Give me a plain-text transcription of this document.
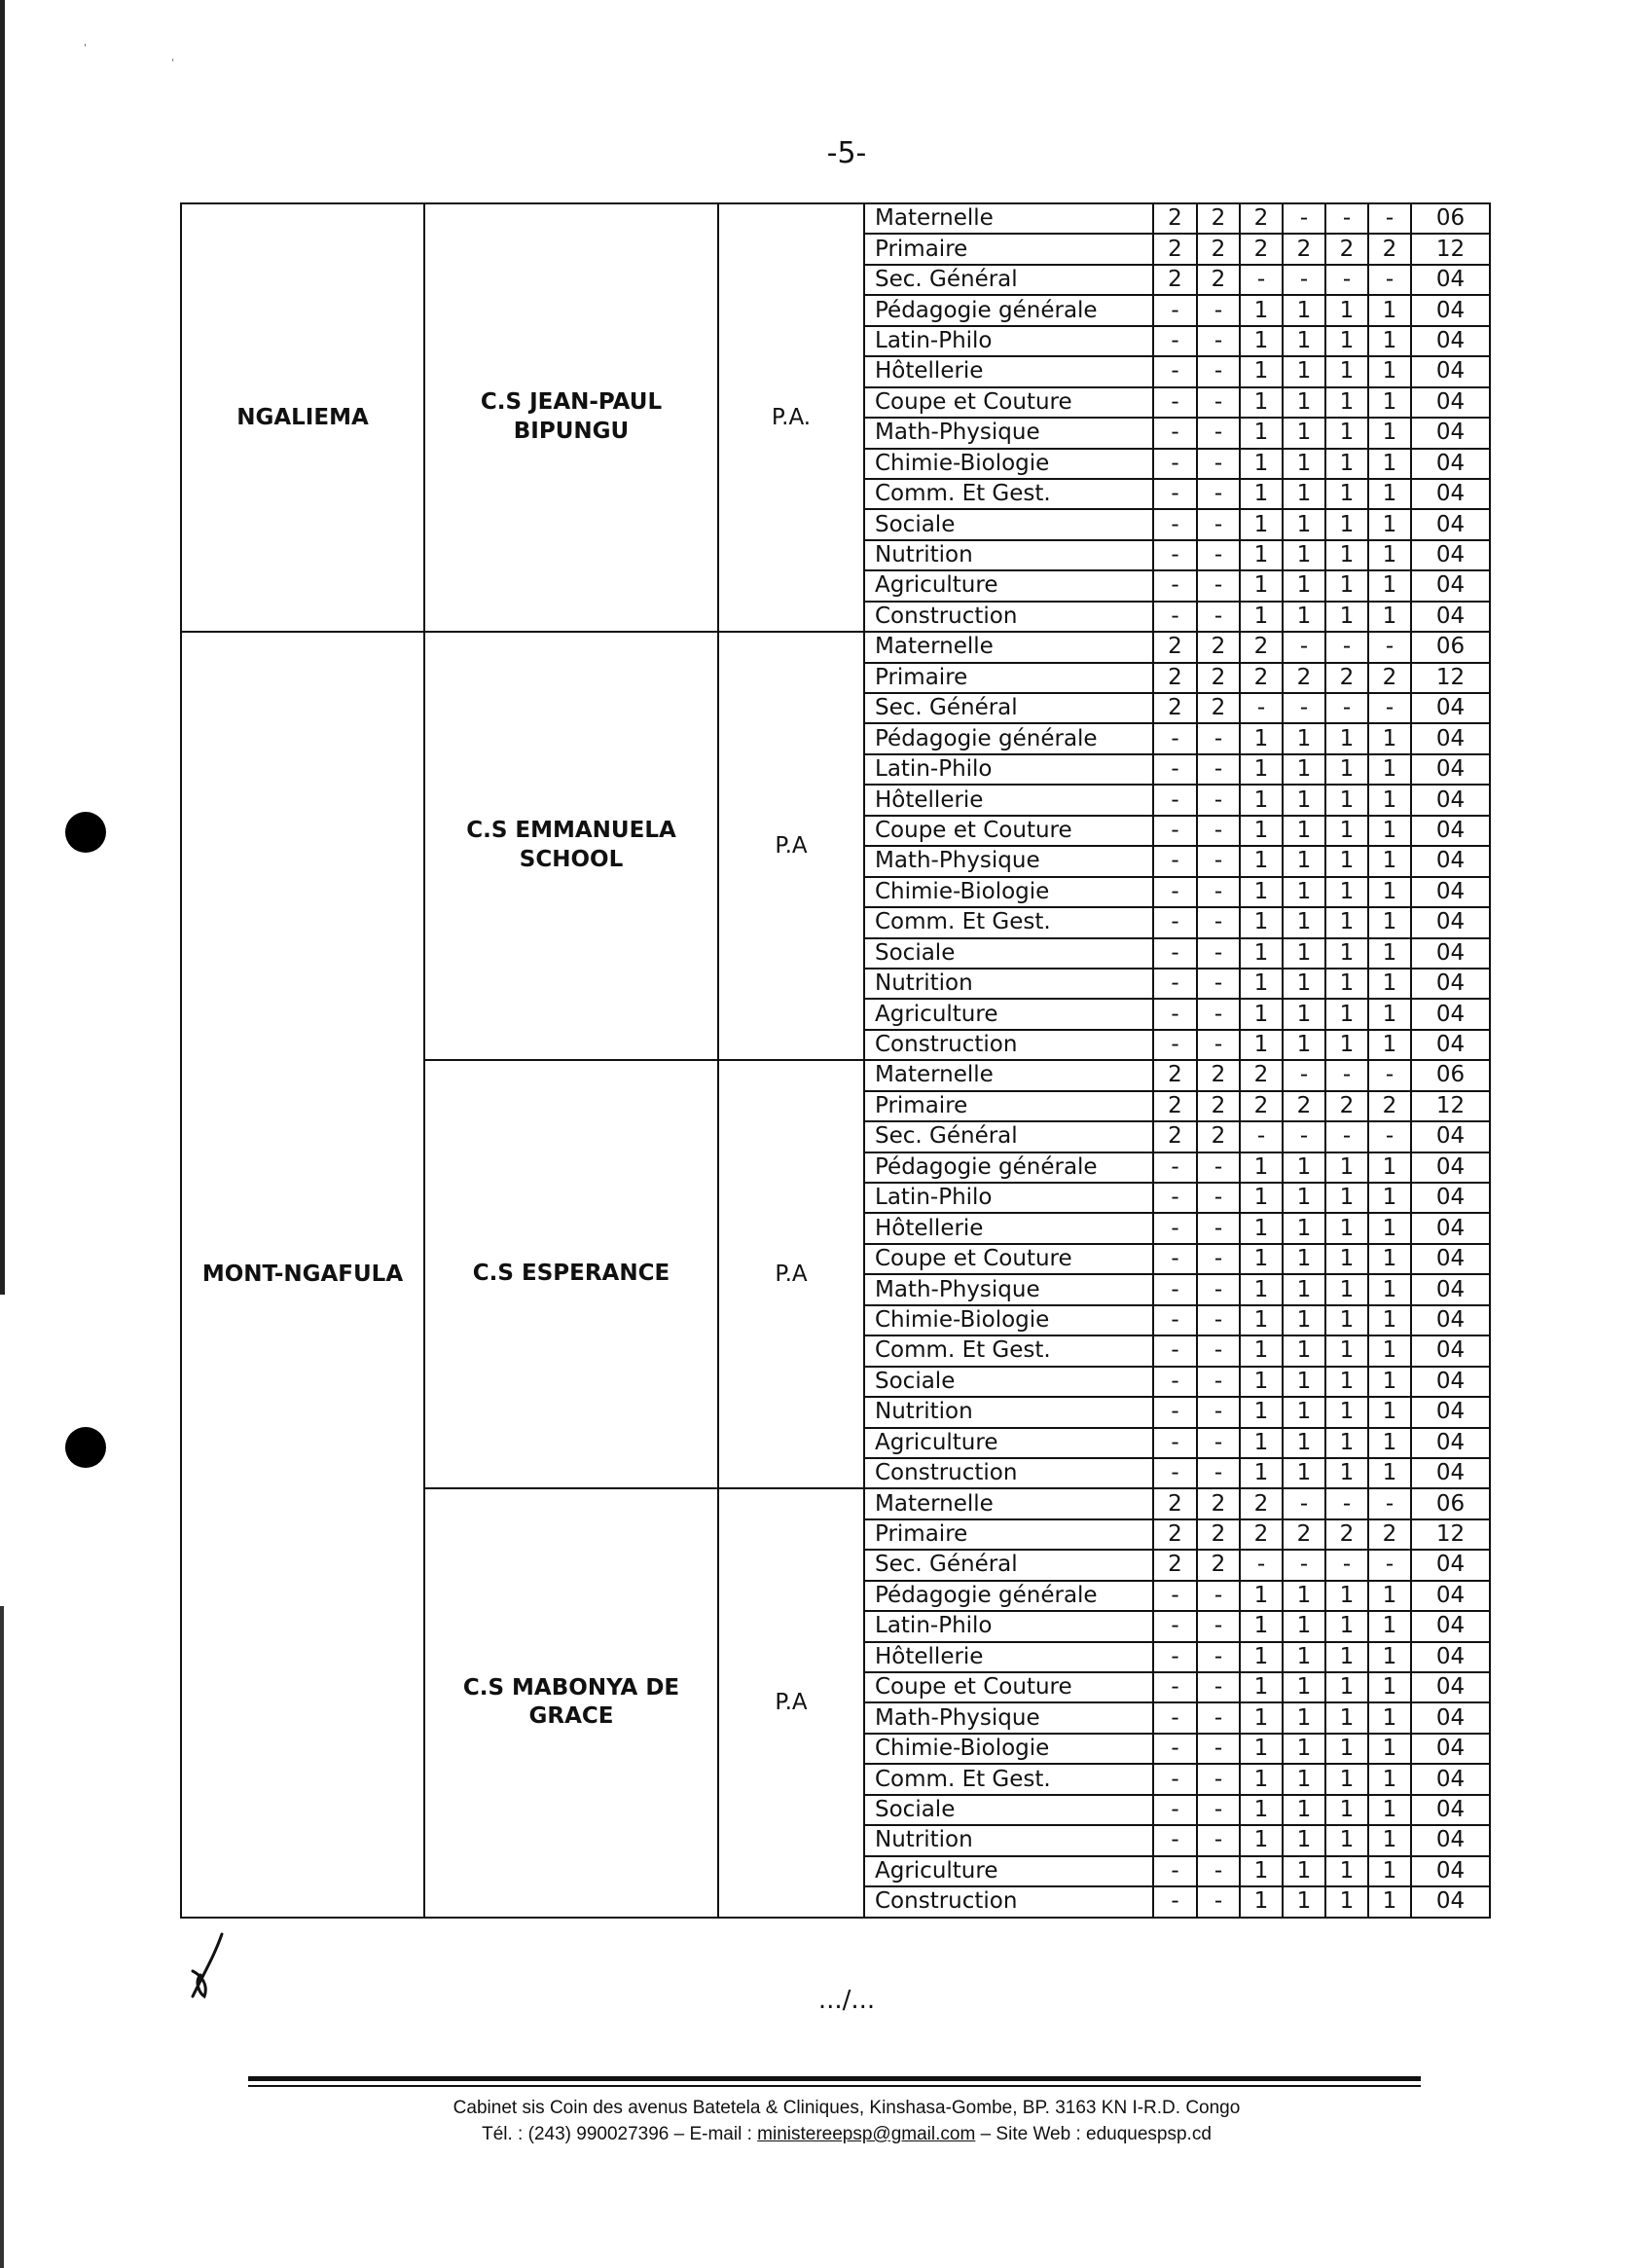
'
,
-5-
NGALIEMA	C.S JEAN-PAUL BIPUNGU	P.A.	Maternelle	2	2	2	-	-	-	06
			Primaire	2	2	2	2	2	2	12
			Sec. Général	2	2	-	-	-	-	04
			Pédagogie générale	-	-	1	1	1	1	04
			Latin-Philo	-	-	1	1	1	1	04
			Hôtellerie	-	-	1	1	1	1	04
			Coupe et Couture	-	-	1	1	1	1	04
			Math-Physique	-	-	1	1	1	1	04
			Chimie-Biologie	-	-	1	1	1	1	04
			Comm. Et Gest.	-	-	1	1	1	1	04
			Sociale	-	-	1	1	1	1	04
			Nutrition	-	-	1	1	1	1	04
			Agriculture	-	-	1	1	1	1	04
			Construction	-	-	1	1	1	1	04
MONT-NGAFULA	C.S EMMANUELA SCHOOL	P.A	Maternelle	2	2	2	-	-	-	06
			Primaire	2	2	2	2	2	2	12
			Sec. Général	2	2	-	-	-	-	04
			Pédagogie générale	-	-	1	1	1	1	04
			Latin-Philo	-	-	1	1	1	1	04
			Hôtellerie	-	-	1	1	1	1	04
			Coupe et Couture	-	-	1	1	1	1	04
			Math-Physique	-	-	1	1	1	1	04
			Chimie-Biologie	-	-	1	1	1	1	04
			Comm. Et Gest.	-	-	1	1	1	1	04
			Sociale	-	-	1	1	1	1	04
			Nutrition	-	-	1	1	1	1	04
			Agriculture	-	-	1	1	1	1	04
			Construction	-	-	1	1	1	1	04
	C.S ESPERANCE	P.A	Maternelle	2	2	2	-	-	-	06
			Primaire	2	2	2	2	2	2	12
			Sec. Général	2	2	-	-	-	-	04
			Pédagogie générale	-	-	1	1	1	1	04
			Latin-Philo	-	-	1	1	1	1	04
			Hôtellerie	-	-	1	1	1	1	04
			Coupe et Couture	-	-	1	1	1	1	04
			Math-Physique	-	-	1	1	1	1	04
			Chimie-Biologie	-	-	1	1	1	1	04
			Comm. Et Gest.	-	-	1	1	1	1	04
			Sociale	-	-	1	1	1	1	04
			Nutrition	-	-	1	1	1	1	04
			Agriculture	-	-	1	1	1	1	04
			Construction	-	-	1	1	1	1	04
	C.S MABONYA DE GRACE	P.A	Maternelle	2	2	2	-	-	-	06
			Primaire	2	2	2	2	2	2	12
			Sec. Général	2	2	-	-	-	-	04
			Pédagogie générale	-	-	1	1	1	1	04
			Latin-Philo	-	-	1	1	1	1	04
			Hôtellerie	-	-	1	1	1	1	04
			Coupe et Couture	-	-	1	1	1	1	04
			Math-Physique	-	-	1	1	1	1	04
			Chimie-Biologie	-	-	1	1	1	1	04
			Comm. Et Gest.	-	-	1	1	1	1	04
			Sociale	-	-	1	1	1	1	04
			Nutrition	-	-	1	1	1	1	04
			Agriculture	-	-	1	1	1	1	04
			Construction	-	-	1	1	1	1	04
.../...
Cabinet sis Coin des avenus Batetela & Cliniques, Kinshasa-Gombe, BP. 3163 KN I-R.D. Congo
Tél. : (243) 990027396 – E-mail : ministereepsp@gmail.com – Site Web : eduquespsp.cd
